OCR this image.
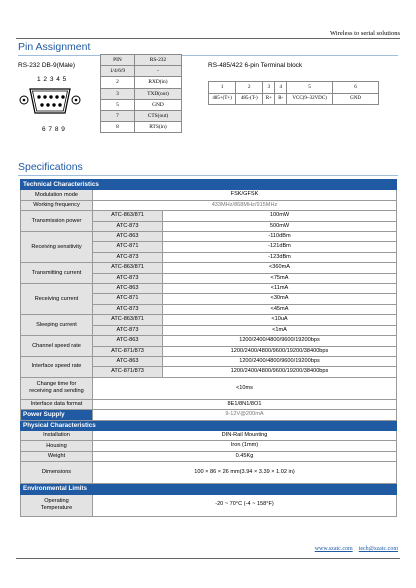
Wireless to serial solutions
Pin Assignment
RS-232 DB-9(Male)
1 2 3 4 5
6 7 8 9
PIN	RS-232
1/4/6/9	-
2	RXD(in)
3	TXD(out)
5	GND
7	CTS(out)
8	RTS(in)
RS-485/422 6-pin Terminal block
1	2	3	4	5	6
485+(T+)	485-(T-)	R+	R-	VCC(9~32VDC)	GND
Specifications
Technical Characteristics		
Modulation mode	FSK/GFSK	
Working frequency	433MHz/868MHz/915MHz	
Transmission power	ATC-863/871	100mW
	ATC-873	500mW
Receiving sensitivity	ATC-863	-110dBm
	ATC-871	-121dBm
	ATC-873	-123dBm
Transmitting current	ATC-863/871	<360mA
	ATC-873	<75mA
Receiving current	ATC-863	<11mA
	ATC-871	<30mA
	ATC-873	<45mA
Sleeping current	ATC-863/871	<10uA
	ATC-873	<1mA
Channel speed rate	ATC-863	1200/2400/4800/9600/19200bps
	ATC-871/873	1200/2400/4800/9600/19200/38400bps
Interface speed rate	ATC-863	1200/2400/4800/9600/19200bps
	ATC-871/873	1200/2400/4800/9600/19200/38400bps
Change time for
receiving and sending	<10ms	
Interface data format	8E1/8N1/8O1	
Power Supply	9-12V@200mA	
Physical Characteristics		
Installation	DIN-Rail Mounting	
Housing	Iron (1mm)	
Weight	0.45Kg	
Dimensions	100 × 86 × 26 mm(3.94 × 3.39 × 1.02 in)	
Environmental Limits		
Operating
Temperature	-20 ~ 70°C (-4 ~ 158°F)	
www.szatc.com tech@szatc.com
